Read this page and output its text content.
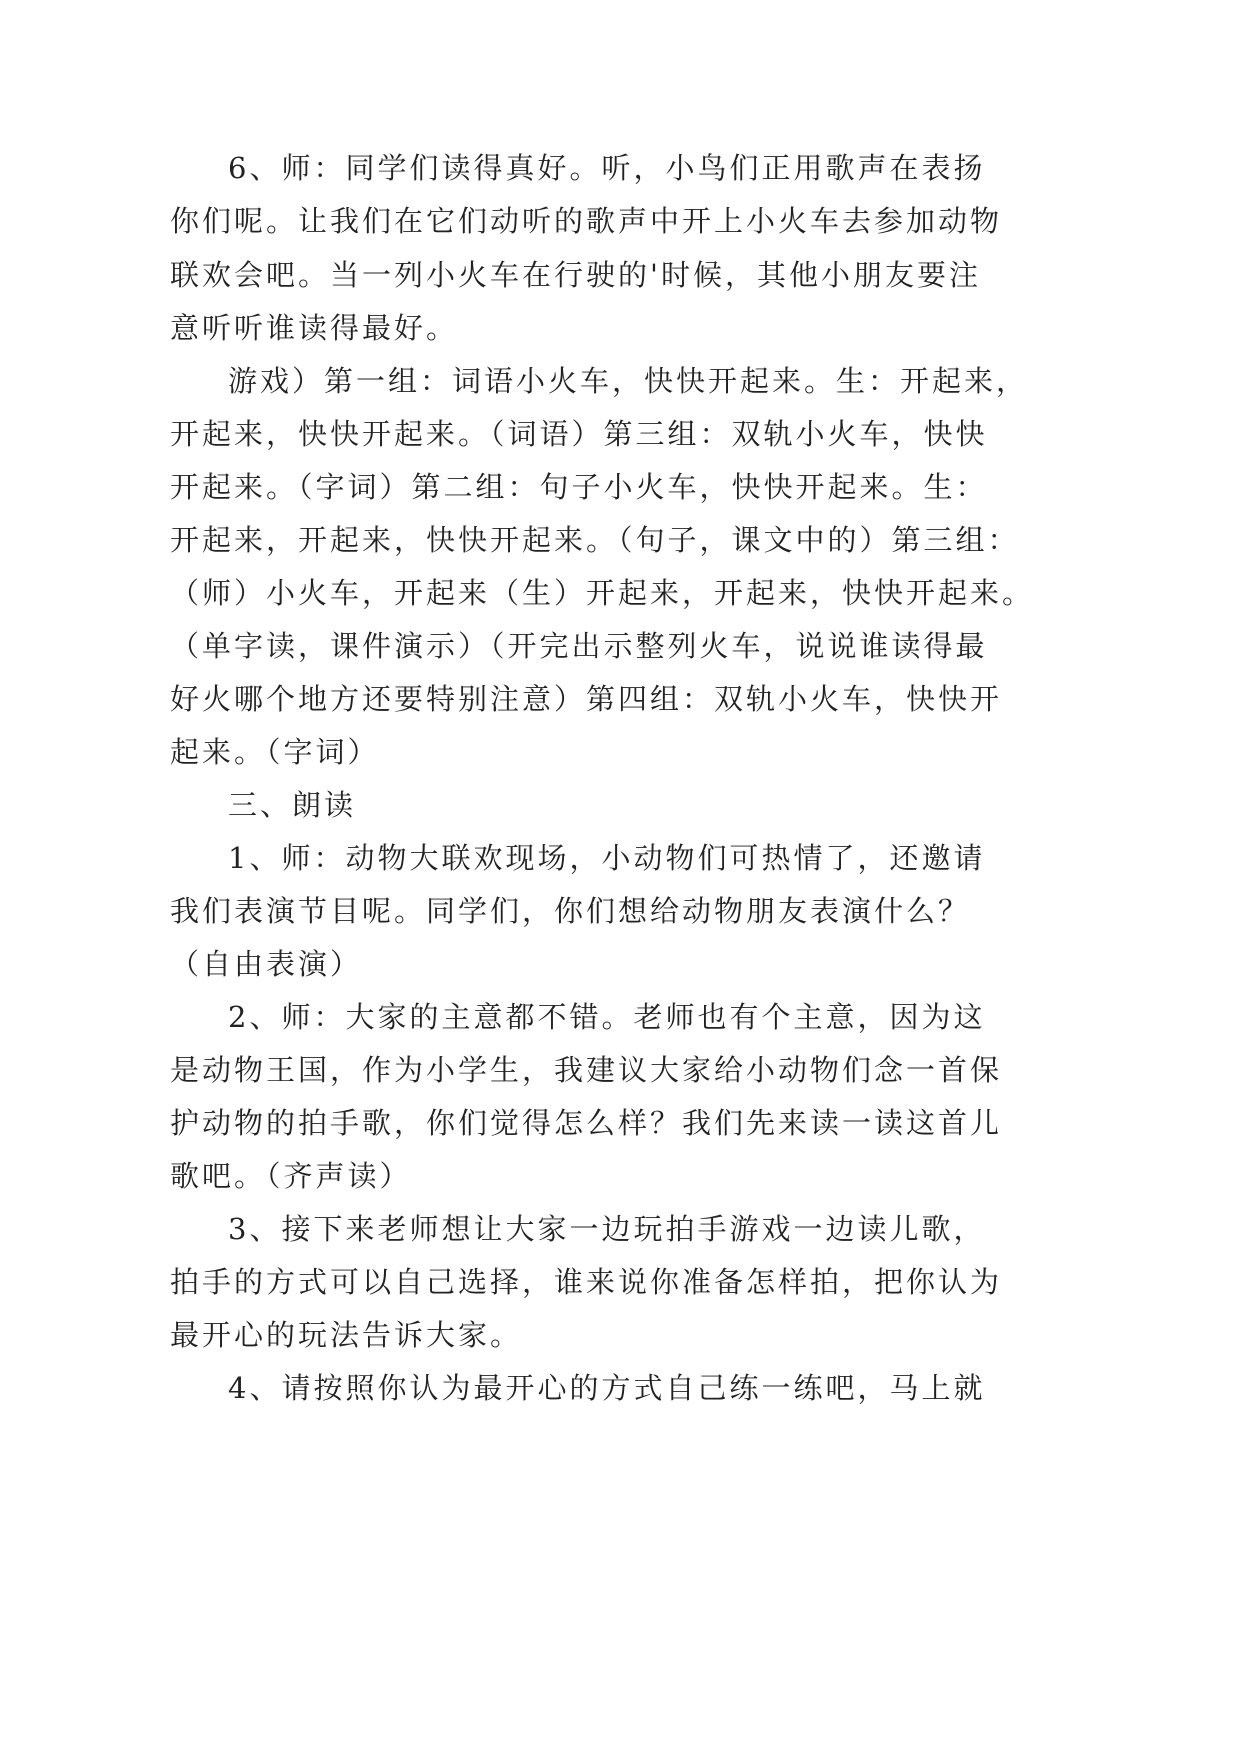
6、师：同学们读得真好。听，小鸟们正用歌声在表扬

你们呢。让我们在它们动听的歌声中开上小火车去参加动物

联欢会吧。当一列小火车在行驶的'时候，其他小朋友要注

意听听谁读得最好。

游戏）第一组：词语小火车，快快开起来。生：开起来，

开起来，快快开起来。（词语）第三组：双轨小火车，快快

开起来。（字词）第二组：句子小火车，快快开起来。生：

开起来，开起来，快快开起来。（句子，课文中的）第三组：

（师）小火车，开起来（生）开起来，开起来，快快开起来。

（单字读，课件演示）（开完出示整列火车，说说谁读得最

好火哪个地方还要特别注意）第四组：双轨小火车，快快开

起来。（字词）

三、朗读

1、师：动物大联欢现场，小动物们可热情了，还邀请

我们表演节目呢。同学们，你们想给动物朋友表演什么？

（自由表演）

2、师：大家的主意都不错。老师也有个主意，因为这

是动物王国，作为小学生，我建议大家给小动物们念一首保

护动物的拍手歌，你们觉得怎么样？我们先来读一读这首儿

歌吧。（齐声读）

3、接下来老师想让大家一边玩拍手游戏一边读儿歌，

拍手的方式可以自己选择，谁来说你准备怎样拍，把你认为

最开心的玩法告诉大家。

4、请按照你认为最开心的方式自己练一练吧，马上就
